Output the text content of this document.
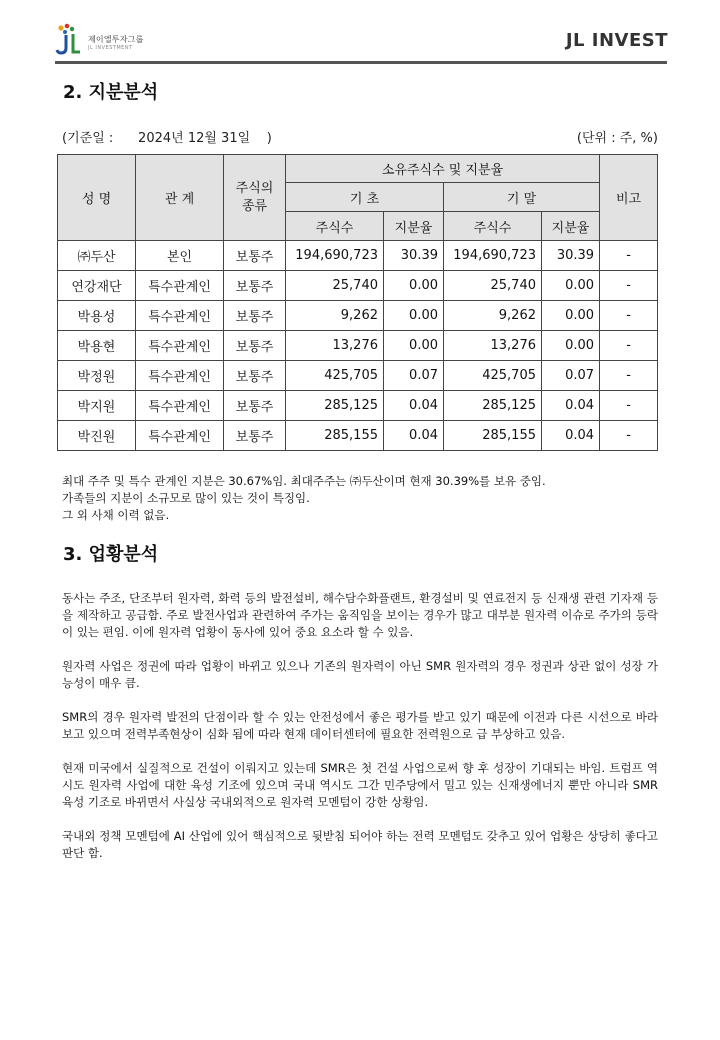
제이엘투자그룹
JL INVESTMENT	JL INVEST
2. 지분분석
(기준일 :      2024년 12월 31일    )	(단위 : 주, %)
성 명	관 계	주식의 종류	소유주식수 및 지분율				비고
			기 초		기 말		
			주식수	지분율	주식수	지분율	
㈜두산	본인	보통주	194,690,723	30.39	194,690,723	30.39	-
연강재단	특수관계인	보통주	25,740	0.00	25,740	0.00	-
박용성	특수관계인	보통주	9,262	0.00	9,262	0.00	-
박용현	특수관계인	보통주	13,276	0.00	13,276	0.00	-
박정원	특수관계인	보통주	425,705	0.07	425,705	0.07	-
박지원	특수관계인	보통주	285,125	0.04	285,125	0.04	-
박진원	특수관계인	보통주	285,155	0.04	285,155	0.04	-
최대 주주 및 특수 관계인 지분은 30.67%임. 최대주주는 ㈜두산이며 현재 30.39%를 보유 중임.
가족들의 지분이 소규모로 많이 있는 것이 특징임.
그 외 사채 이력 없음.
3. 업황분석

동사는 주조, 단조부터 원자력, 화력 등의 발전설비, 해수담수화플랜트, 환경설비 및 연료전지 등 신재생 관련 기자재 등을 제작하고 공급함. 주로 발전사업과 관련하여 주가는 움직임을 보이는 경우가 많고 대부분 원자력 이슈로 주가의 등락이 있는 편임. 이에 원자력 업황이 동사에 있어 중요 요소라 할 수 있음.

원자력 사업은 정권에 따라 업황이 바뀌고 있으나 기존의 원자력이 아닌 SMR 원자력의 경우 정권과 상관 없이 성장 가능성이 매우 큼.

SMR의 경우 원자력 발전의 단점이라 할 수 있는 안전성에서 좋은 평가를 받고 있기 때문에 이전과 다른 시선으로 바라보고 있으며 전력부족현상이 심화 됨에 따라 현재 데이터센터에 필요한 전력원으로 급 부상하고 있음.

현재 미국에서 실질적으로 건설이 이뤄지고 있는데 SMR은 첫 건설 사업으로써 향 후 성장이 기대되는 바임. 트럼프 역시도 원자력 사업에 대한 육성 기조에 있으며 국내 역시도 그간 민주당에서 밀고 있는 신재생에너지 뿐만 아니라 SMR 육성 기조로 바뀌면서 사실상 국내외적으로 원자력 모멘텀이 강한 상황임.

국내외 정책 모멘텀에 AI 산업에 있어 핵심적으로 뒷받침 되어야 하는 전력 모멘텀도 갖추고 있어 업황은 상당히 좋다고 판단 함.
